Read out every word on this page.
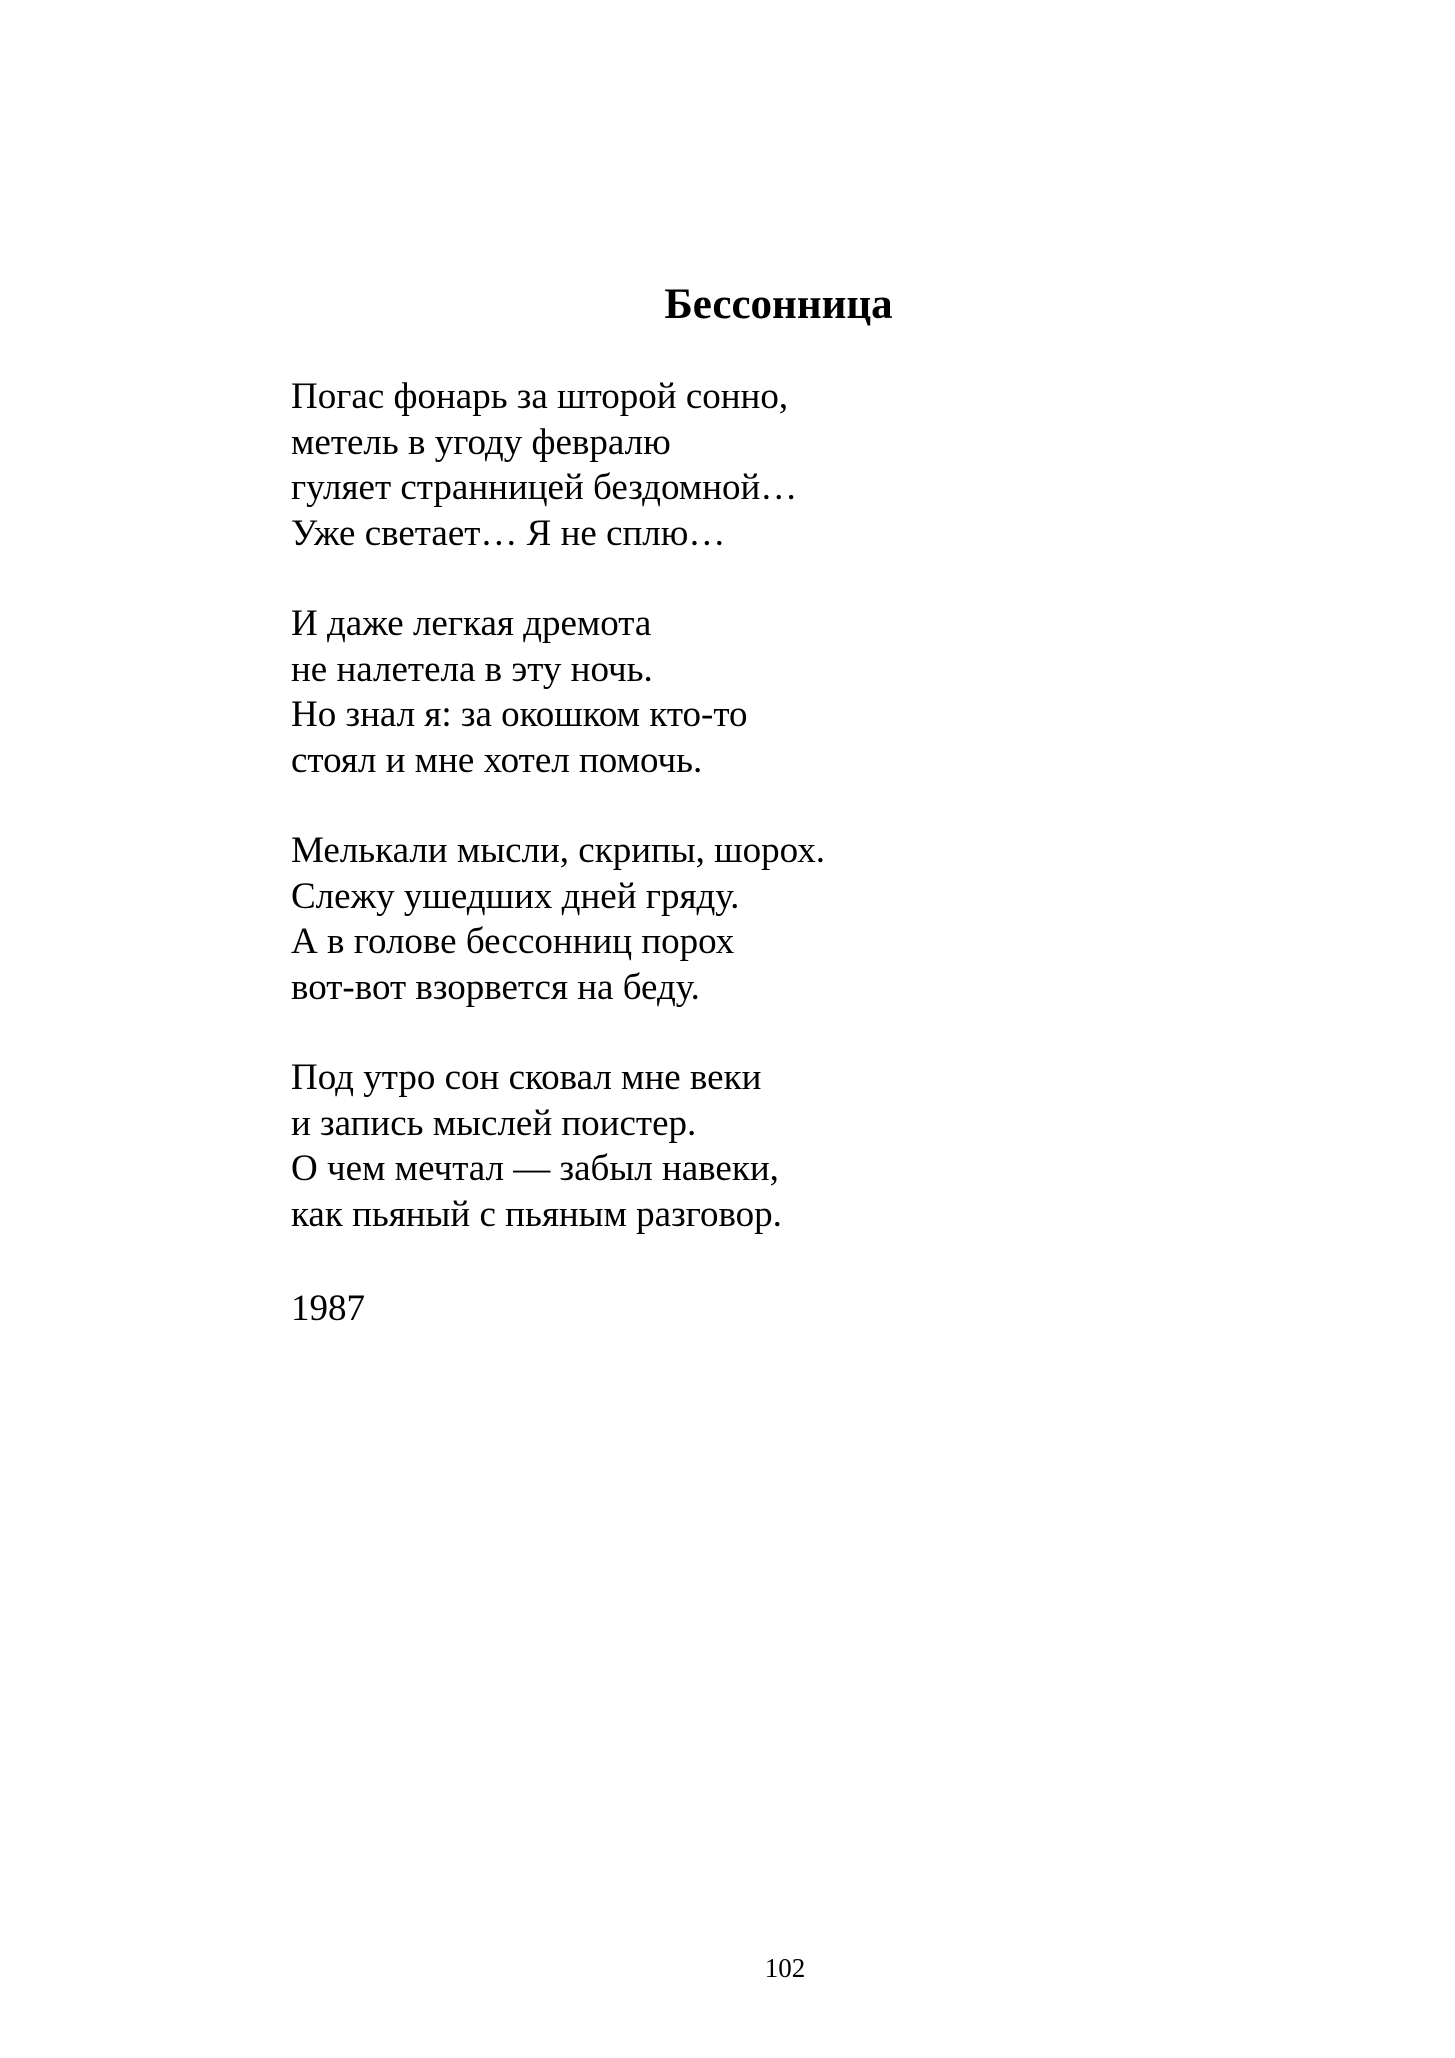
Бессонница
Погас фонарь за шторой сонно,
метель в угоду февралю
гуляет странницей бездомной…
Уже светает… Я не сплю…
И даже легкая дремота
не налетела в эту ночь.
Но знал я: за окошком кто-то
стоял и мне хотел помочь.
Мелькали мысли, скрипы, шорох.
Слежу ушедших дней гряду.
А в голове бессонниц порох
вот-вот взорвется на беду.
Под утро сон сковал мне веки
и запись мыслей поистер.
О чем мечтал — забыл навеки,
как пьяный с пьяным разговор.

1987

102
